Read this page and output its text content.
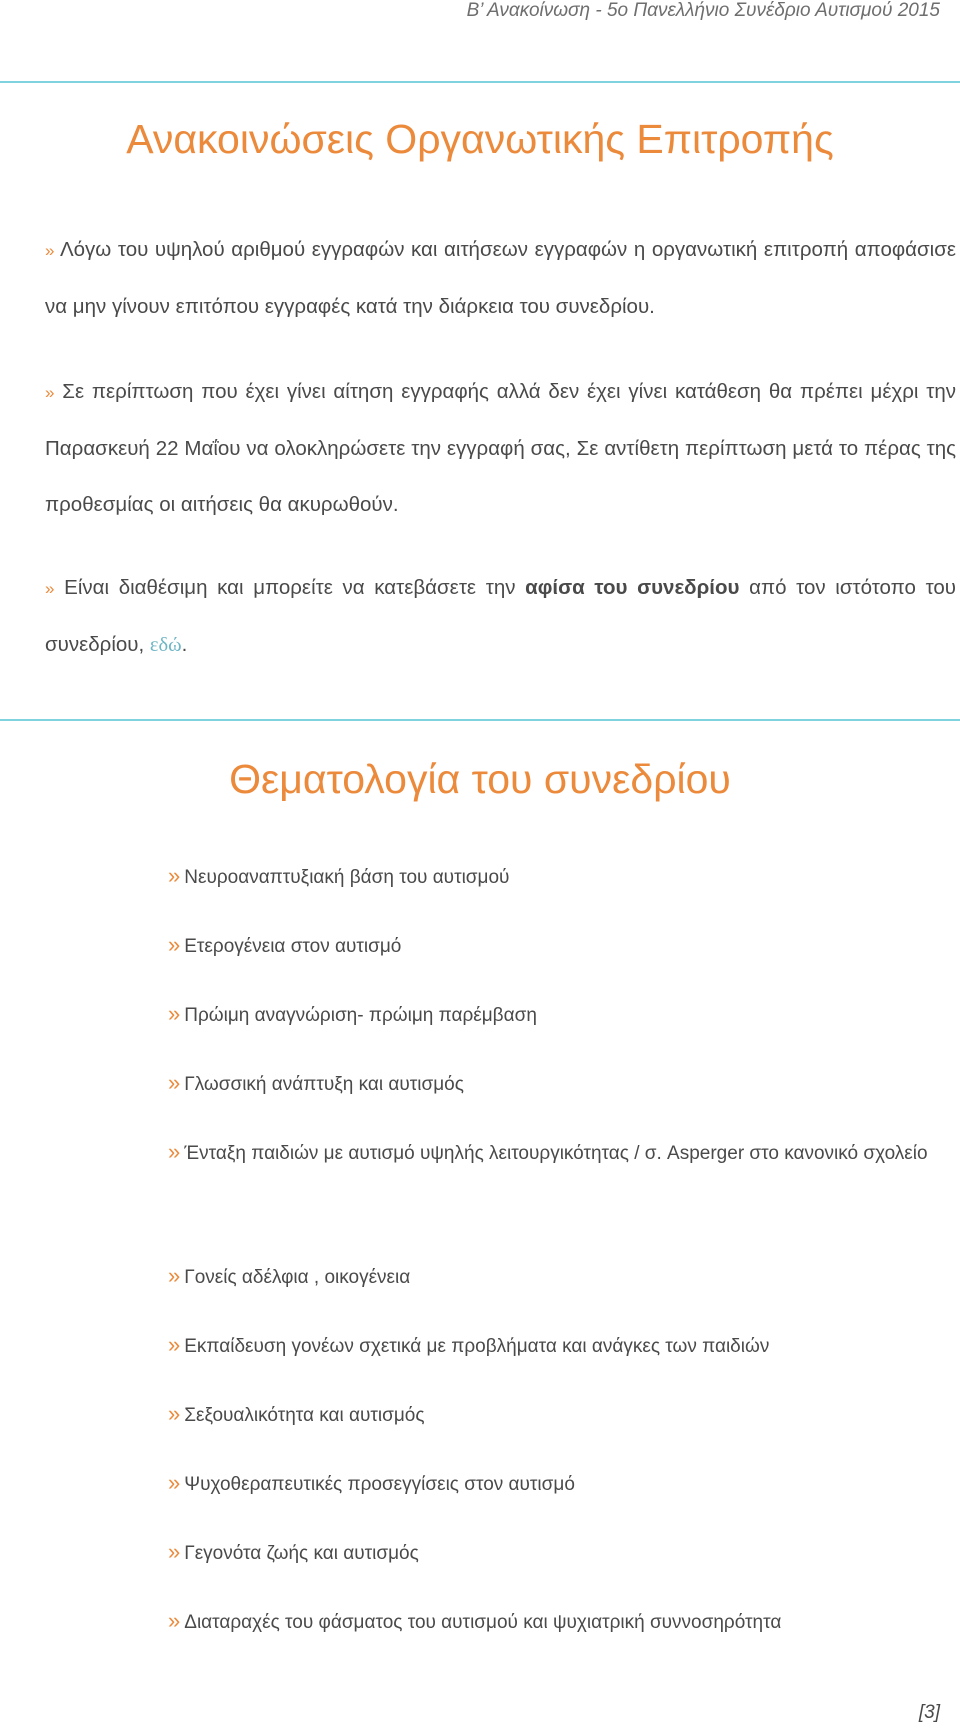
Β’ Ανακοίνωση - 5ο Πανελλήνιο Συνέδριο Αυτισμού 2015
Ανακοινώσεις Οργανωτικής Επιτροπής

» Λόγω του υψηλού αριθμού εγγραφών και αιτήσεων εγγραφών η οργανωτική επιτροπή αποφάσισε να μην γίνουν επιτόπου εγγραφές κατά την διάρκεια του συνεδρίου.

» Σε περίπτωση που έχει γίνει αίτηση εγγραφής αλλά δεν έχει γίνει κατάθεση θα πρέπει μέχρι την Παρασκευή 22 Μαΐου να ολοκληρώσετε την εγγραφή σας, Σε αντίθετη περίπτωση μετά το πέρας της προθεσμίας οι αιτήσεις θα ακυρωθούν.

» Είναι διαθέσιμη και μπορείτε να κατεβάσετε την αφίσα του συνεδρίου από τον ιστότοπο του συνεδρίου, εδώ.

Θεματολογία του συνεδρίου
» Νευροαναπτυξιακή βάση του αυτισμού
» Ετερογένεια στον αυτισμό
» Πρώιμη αναγνώριση- πρώιμη παρέμβαση
» Γλωσσική ανάπτυξη και αυτισμός
» Ένταξη παιδιών με αυτισμό υψηλής λειτουργικότητας / σ. Asperger στο κανονικό σχολείο
» Γονείς αδέλφια , οικογένεια
» Εκπαίδευση γονέων σχετικά με προβλήματα και ανάγκες των παιδιών
» Σεξουαλικότητα και αυτισμός
» Ψυχοθεραπευτικές προσεγγίσεις στον αυτισμό
» Γεγονότα ζωής και αυτισμός
» Διαταραχές του φάσματος του αυτισμού και ψυχιατρική συννοσηρότητα
[3]
